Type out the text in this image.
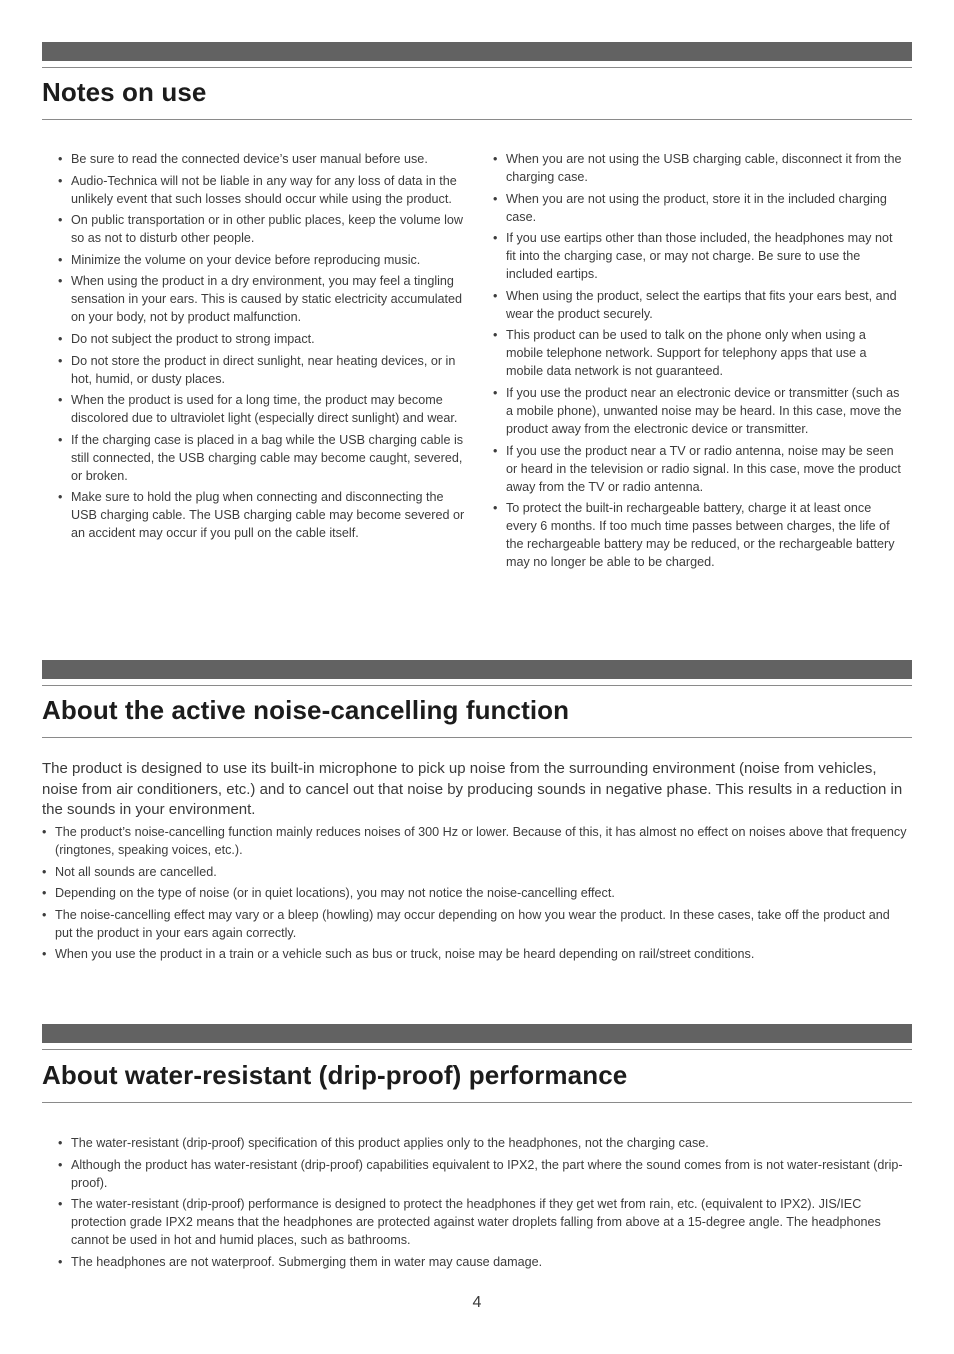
Notes on use
• Be sure to read the connected device’s user manual before use.
• Audio-Technica will not be liable in any way for any loss of data in the unlikely event that such losses should occur while using the product.
• On public transportation or in other public places, keep the volume low so as not to disturb other people.
• Minimize the volume on your device before reproducing music.
• When using the product in a dry environment, you may feel a tingling sensation in your ears. This is caused by static electricity accumulated on your body, not by product malfunction.
• Do not subject the product to strong impact.
• Do not store the product in direct sunlight, near heating devices, or in hot, humid, or dusty places.
• When the product is used for a long time, the product may become discolored due to ultraviolet light (especially direct sunlight) and wear.
• If the charging case is placed in a bag while the USB charging cable is still connected, the USB charging cable may become caught, severed, or broken.
• Make sure to hold the plug when connecting and disconnecting the USB charging cable. The USB charging cable may become severed or an accident may occur if you pull on the cable itself.
• When you are not using the USB charging cable, disconnect it from the charging case.
• When you are not using the product, store it in the included charging case.
• If you use eartips other than those included, the headphones may not fit into the charging case, or may not charge. Be sure to use the included eartips.
• When using the product, select the eartips that fits your ears best, and wear the product securely.
• This product can be used to talk on the phone only when using a mobile telephone network. Support for telephony apps that use a mobile data network is not guaranteed.
• If you use the product near an electronic device or transmitter (such as a mobile phone), unwanted noise may be heard. In this case, move the product away from the electronic device or transmitter.
• If you use the product near a TV or radio antenna, noise may be seen or heard in the television or radio signal. In this case, move the product away from the TV or radio antenna.
• To protect the built-in rechargeable battery, charge it at least once every 6 months. If too much time passes between charges, the life of the rechargeable battery may be reduced, or the rechargeable battery may no longer be able to be charged.
About the active noise-cancelling function

The product is designed to use its built-in microphone to pick up noise from the surrounding environment (noise from vehicles, noise from air conditioners, etc.) and to cancel out that noise by producing sounds in negative phase. This results in a reduction in the sounds in your environment.

• The product’s noise-cancelling function mainly reduces noises of 300 Hz or lower. Because of this, it has almost no effect on noises above that frequency (ringtones, speaking voices, etc.).
• Not all sounds are cancelled.
• Depending on the type of noise (or in quiet locations), you may not notice the noise-cancelling effect.
• The noise-cancelling effect may vary or a bleep (howling) may occur depending on how you wear the product. In these cases, take off the product and put the product in your ears again correctly.
• When you use the product in a train or a vehicle such as bus or truck, noise may be heard depending on rail/street conditions.
About water-resistant (drip-proof) performance
• The water-resistant (drip-proof) specification of this product applies only to the headphones, not the charging case.
• Although the product has water-resistant (drip-proof) capabilities equivalent to IPX2, the part where the sound comes from is not water-resistant (drip-proof).
• The water-resistant (drip-proof) performance is designed to protect the headphones if they get wet from rain, etc. (equivalent to IPX2). JIS/IEC protection grade IPX2 means that the headphones are protected against water droplets falling from above at a 15-degree angle. The headphones cannot be used in hot and humid places, such as bathrooms.
• The headphones are not waterproof. Submerging them in water may cause damage.
4
